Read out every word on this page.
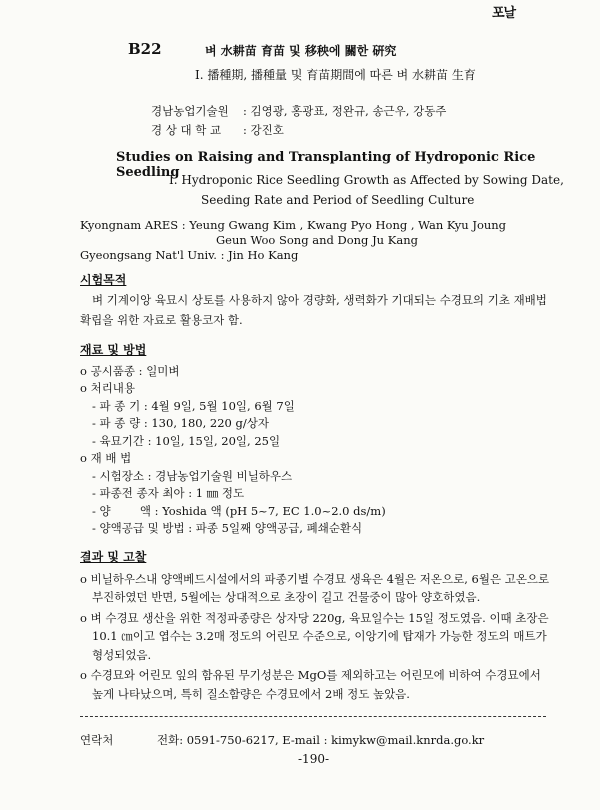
포날
B22	벼 水耕苗 育苗 및 移秧에 關한 硏究
Ⅰ. 播種期, 播種量 및 育苗期間에 따른 벼 水耕苗 生育
경남농업기술원	: 김영광, 홍광표, 정완규, 송근우, 강동주
경 상 대 학 교	: 강진호
Studies on Raising and Transplanting of Hydroponic Rice Seedling
Ⅰ. Hydroponic Rice Seedling Growth as Affected by Sowing Date,
Seeding Rate and Period of Seedling Culture
Kyongnam ARES : Yeung Gwang Kim , Kwang Pyo Hong , Wan Kyu Joung
Geun Woo Song and Dong Ju Kang
Gyeongsang Nat'l Univ. : Jin Ho Kang
시험목적

벼 기계이앙 육묘시 상토를 사용하지 않아 경량화, 생력화가 기대되는 수경묘의 기초 재배법 확립을 위한 자료로 활용코자 함.

재료 및 방법

o 공시품종 : 일미벼

o 처리내용

- 파 종 기 : 4월 9일, 5월 10일, 6월 7일

- 파 종 량 : 130, 180, 220 g/상자

- 육묘기간 : 10일, 15일, 20일, 25일

o 재 배 법

- 시험장소 : 경남농업기술원 비닐하우스

- 파종전 종자 최아 : 1 ㎜ 정도

- 양        액 : Yoshida 액 (pH 5~7, EC 1.0~2.0 ds/m)

- 양액공급 및 방법 : 파종 5일째 양액공급, 폐쇄순환식

결과 및 고찰

o 비닐하우스내 양액베드시설에서의 파종기별 수경묘 생육은 4월은 저온으로, 6월은 고온으로 부진하였던 반면, 5월에는 상대적으로 초장이 길고 건물중이 많아 양호하였음.

o 벼 수경묘 생산을 위한 적정파종량은 상자당 220g, 육묘일수는 15일 정도였음. 이때 초장은 10.1 ㎝이고 엽수는 3.2매 정도의 어린모 수준으로, 이앙기에 탑재가 가능한 정도의 매트가 형성되었음.

o 수경묘와 어린모 잎의 함유된 무기성분은 MgO를 제외하고는 어린모에 비하여 수경묘에서 높게 나타났으며, 특히 질소함량은 수경묘에서 2배 정도 높았음.

연락처	전화: 0591-750-6217, E-mail : kimykw@mail.knrda.go.kr
-190-
